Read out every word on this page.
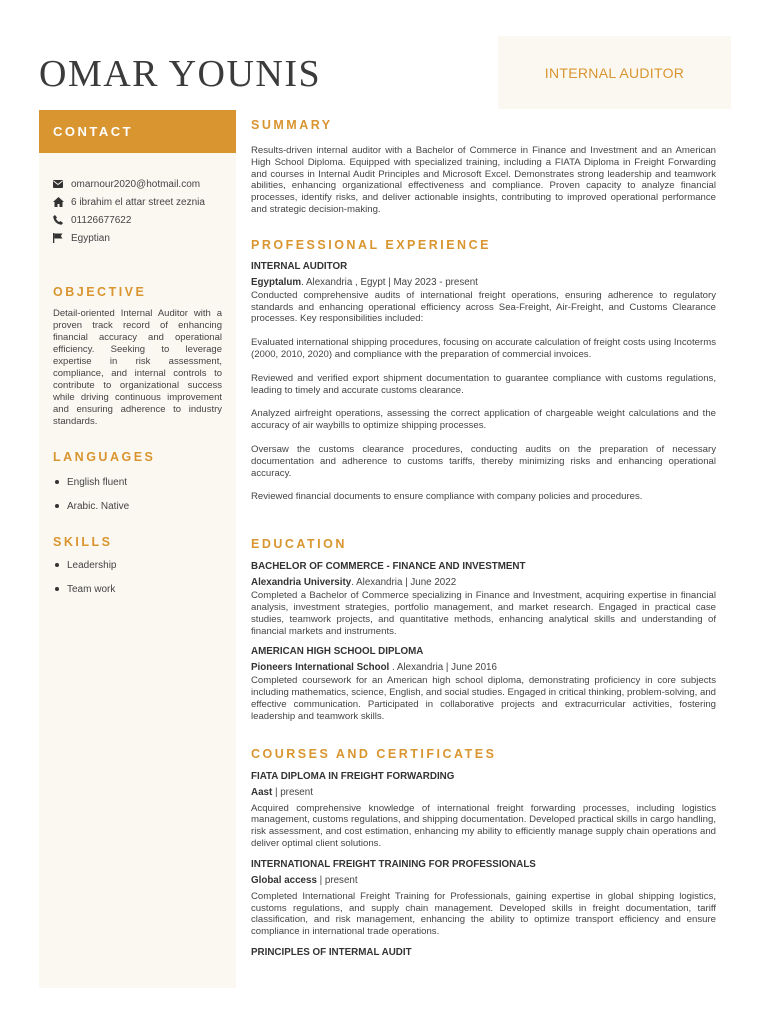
OMAR YOUNIS	INTERNAL AUDITOR
CONTACT
omarnour2020@hotmail.com
6 ibrahim el attar street zeznia
01126677622
Egyptian
OBJECTIVE

Detail-oriented Internal Auditor with a proven track record of enhancing financial accuracy and operational efficiency. Seeking to leverage expertise in risk assessment, compliance, and internal controls to contribute to organizational success while driving continuous improvement and ensuring adherence to industry standards.

LANGUAGES
English fluent
Arabic. Native
SKILLS
Leadership
Team work
SUMMARY

Results-driven internal auditor with a Bachelor of Commerce in Finance and Investment and an American High School Diploma. Equipped with specialized training, including a FIATA Diploma in Freight Forwarding and courses in Internal Audit Principles and Microsoft Excel. Demonstrates strong leadership and teamwork abilities, enhancing organizational effectiveness and compliance. Proven capacity to analyze financial processes, identify risks, and deliver actionable insights, contributing to improved operational performance and strategic decision-making.

PROFESSIONAL EXPERIENCE
INTERNAL AUDITOR
Egyptalum. Alexandria , Egypt | May 2023 - present

Conducted comprehensive audits of international freight operations, ensuring adherence to regulatory standards and enhancing operational efficiency across Sea-Freight, Air-Freight, and Customs Clearance processes. Key responsibilities included:

Evaluated international shipping procedures, focusing on accurate calculation of freight costs using Incoterms (2000, 2010, 2020) and compliance with the preparation of commercial invoices.

Reviewed and verified export shipment documentation to guarantee compliance with customs regulations, leading to timely and accurate customs clearance.

Analyzed airfreight operations, assessing the correct application of chargeable weight calculations and the accuracy of air waybills to optimize shipping processes.

Oversaw the customs clearance procedures, conducting audits on the preparation of necessary documentation and adherence to customs tariffs, thereby minimizing risks and enhancing operational accuracy.

Reviewed financial documents to ensure compliance with company policies and procedures.

EDUCATION
BACHELOR OF COMMERCE - FINANCE AND INVESTMENT
Alexandria University. Alexandria | June 2022

Completed a Bachelor of Commerce specializing in Finance and Investment, acquiring expertise in financial analysis, investment strategies, portfolio management, and market research. Engaged in practical case studies, teamwork projects, and quantitative methods, enhancing analytical skills and understanding of financial markets and instruments.

AMERICAN HIGH SCHOOL DIPLOMA
Pioneers International School . Alexandria | June 2016

Completed coursework for an American high school diploma, demonstrating proficiency in core subjects including mathematics, science, English, and social studies. Engaged in critical thinking, problem-solving, and effective communication. Participated in collaborative projects and extracurricular activities, fostering leadership and teamwork skills.

COURSES AND CERTIFICATES
FIATA DIPLOMA IN FREIGHT FORWARDING
Aast | present

Acquired comprehensive knowledge of international freight forwarding processes, including logistics management, customs regulations, and shipping documentation. Developed practical skills in cargo handling, risk assessment, and cost estimation, enhancing my ability to efficiently manage supply chain operations and deliver optimal client solutions.

INTERNATIONAL FREIGHT TRAINING FOR PROFESSIONALS
Global access | present

Completed International Freight Training for Professionals, gaining expertise in global shipping logistics, customs regulations, and supply chain management. Developed skills in freight documentation, tariff classification, and risk management, enhancing the ability to optimize transport efficiency and ensure compliance in international trade operations.

PRINCIPLES OF INTERMAL AUDIT
